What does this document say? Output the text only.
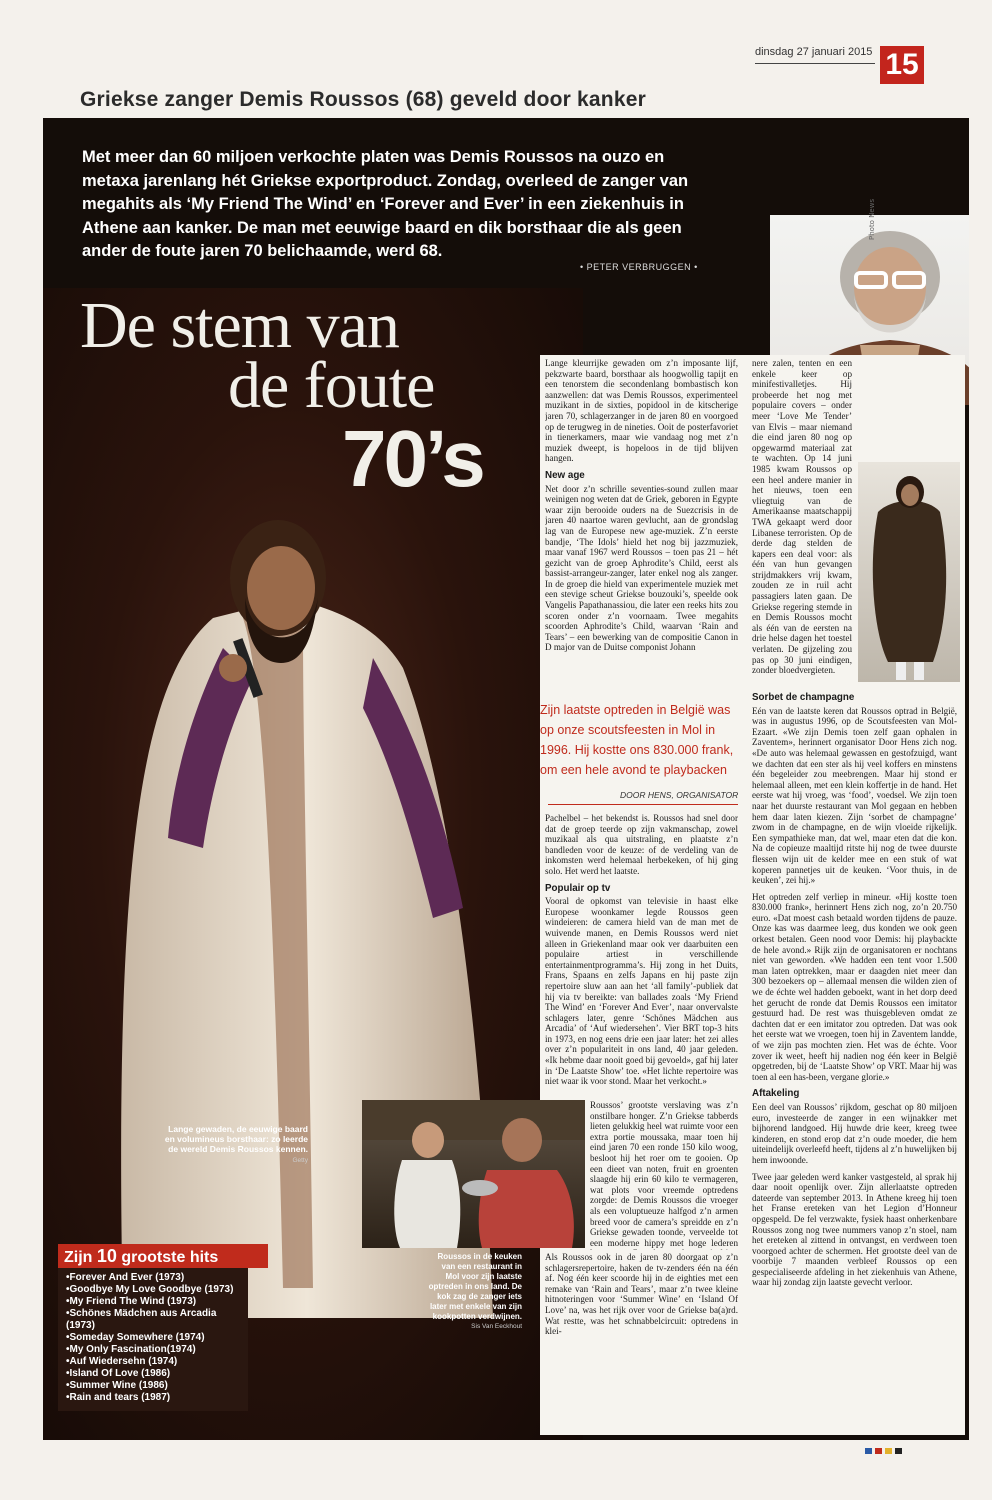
dinsdag 27 januari 2015 15
Griekse zanger Demis Roussos (68) geveld door kanker
Met meer dan 60 miljoen verkochte platen was Demis Roussos na ouzo en metaxa jarenlang hét Griekse exportproduct. Zondag, overleed de zanger van megahits als ‘My Friend The Wind’ en ‘Forever and Ever’ in een ziekenhuis in Athene aan kanker. De man met eeuwige baard en dik borsthaar die als geen ander de foute jaren 70 belichaamde, werd 68.
• PETER VERBRUGGEN •
Photo News
De stem van
de foute
70’s

Lange kleurrijke gewaden om z’n imposante lijf, pekzwarte baard, borsthaar als hoogwollig tapijt en een tenorstem die secondenlang bombastisch kon aanzwellen: dat was Demis Roussos, experimenteel muzikant in de sixties, popidool in de kitscherige jaren 70, schlagerzanger in de jaren 80 en voorgoed op de terugweg in de nineties. Ooit de posterfavoriet in tienerkamers, maar wie vandaag nog met z’n muziek dweept, is hopeloos in de tijd blijven hangen.

New age

Net door z’n schrille seventies-sound zullen maar weinigen nog weten dat de Griek, geboren in Egypte waar zijn berooide ouders na de Suezcrisis in de jaren 40 naartoe waren gevlucht, aan de grondslag lag van de Europese new age-muziek. Z’n eerste bandje, ‘The Idols’ hield het nog bij jazzmuziek, maar vanaf 1967 werd Roussos – toen pas 21 – hét gezicht van de groep Aphrodite’s Child, eerst als bassist-arrangeur-zanger, later enkel nog als zanger. In de groep die hield van experimentele muziek met een stevige scheut Griekse bouzouki’s, speelde ook Vangelis Papathanassiou, die later een reeks hits zou scoren onder z’n voornaam. Twee megahits scoorden Aphrodite’s Child, waarvan ‘Rain and Tears’ – een bewerking van de compositie Canon in D major van de Duitse componist Johann

Zijn laatste optreden in België was op onze scoutsfeesten in Mol in 1996. Hij kostte ons 830.000 frank, om een hele avond te playbacken
DOOR HENS, ORGANISATOR

Pachelbel – het bekendst is. Roussos had snel door dat de groep teerde op zijn vakmanschap, zowel muzikaal als qua uitstraling, en plaatste z’n bandleden voor de keuze: of de verdeling van de inkomsten werd helemaal herbekeken, of hij ging solo. Het werd het laatste.

Populair op tv

Vooral de opkomst van televisie in haast elke Europese woonkamer legde Roussos geen windeieren: de camera hield van de man met de wuivende manen, en Demis Roussos werd niet alleen in Griekenland maar ook ver daarbuiten een populaire artiest in verschillende entertainmentprogramma’s. Hij zong in het Duits, Frans, Spaans en zelfs Japans en hij paste zijn repertoire sluw aan aan het ‘all family’-publiek dat hij via tv bereikte: van ballades zoals ‘My Friend The Wind’ en ‘Forever And Ever’, naar onvervalste schlagers later, genre ‘Schönes Mädchen aus Arcadia’ of ‘Auf wiedersehen’. Vier BRT top-3 hits in 1973, en nog eens drie een jaar later: het zei alles over z’n populariteit in ons land, 40 jaar geleden. «Ik hebme daar nooit goed bij gevoeld», gaf hij later in ‘De Laatste Show’ toe. «Het lichte repertoire was niet waar ik voor stond. Maar het verkocht.»

Roussos’ grootste verslaving was z’n onstilbare honger. Z’n Griekse tabberds lieten gelukkig heel wat ruimte voor een extra portie moussaka, maar toen hij eind jaren 70 een ronde 150 kilo woog, besloot hij het roer om te gooien. Op een dieet van noten, fruit en groenten slaagde hij erin 60 kilo te vermageren, wat plots voor vreemde optredens zorgde: de Demis Roussos die vroeger als een voluptueuze halfgod z’n armen breed voor de camera’s spreidde en z’n Griekse gewaden toonde, verveelde tot een moderne hippy met hoge lederen

Als Roussos ook in de jaren 80 doorgaat op z’n schlagersrepertoire, haken de tv-zenders één na één af. Nog één keer scoorde hij in de eighties met een remake van ‘Rain and Tears’, maar z’n twee kleine hitnoteringen voor ‘Summer Wine’ en ‘Island Of Love’ na, was het rijk over voor de Griekse ba(a)rd. Wat restte, was het schnabbelcircuit: optredens in klei-

nere zalen, tenten en een enkele keer op minifestivalletjes. Hij probeerde het nog met populaire covers – onder meer ‘Love Me Tender’ van Elvis – maar niemand die eind jaren 80 nog op opgewarmd materiaal zat te wachten. Op 14 juni 1985 kwam Roussos op een heel andere manier in het nieuws, toen een vliegtuig van de Amerikaanse maatschappij TWA gekaapt werd door Libanese terroristen. Op de derde dag stelden de kapers een deal voor: als één van hun gevangen strijdmakkers vrij kwam, zouden ze in ruil acht passagiers laten gaan. De Griekse regering stemde in en Demis Roussos mocht als één van de eersten na drie helse dagen het toestel verlaten. De gijzeling zou pas op 30 juni eindigen, zonder bloedvergieten.

Sorbet de champagne

Eén van de laatste keren dat Roussos optrad in België, was in augustus 1996, op de Scoutsfeesten van Mol-Ezaart. «We zijn Demis toen zelf gaan ophalen in Zaventem», herinnert organisator Door Hens zich nog. «De auto was helemaal gewassen en gestofzuigd, want we dachten dat een ster als hij veel koffers en minstens één begeleider zou meebrengen. Maar hij stond er helemaal alleen, met een klein koffertje in de hand. Het eerste wat hij vroeg, was ‘food’, voedsel. We zijn toen naar het duurste restaurant van Mol gegaan en hebben hem daar laten kiezen. Zijn ‘sorbet de champagne’ zwom in de champagne, en de wijn vloeide rijkelijk. Een sympathieke man, dat wel, maar eten dat die kon. Na de copieuze maaltijd ritste hij nog de twee duurste flessen wijn uit de kelder mee en een stuk of wat koperen pannetjes uit de keuken. ‘Voor thuis, in de keuken’, zei hij.»

Het optreden zelf verliep in mineur. «Hij kostte toen 830.000 frank», herinnert Hens zich nog, zo’n 20.750 euro. «Dat moest cash betaald worden tijdens de pauze. Onze kas was daarmee leeg, dus konden we ook geen orkest betalen. Geen nood voor Demis: hij playbackte de hele avond.» Rijk zijn de organisatoren er nochtans niet van geworden. «We hadden een tent voor 1.500 man laten optrekken, maar er daagden niet meer dan 300 bezoekers op – allemaal mensen die wilden zien of we de échte wel hadden geboekt, want in het dorp deed het gerucht de ronde dat Demis Roussos een imitator gestuurd had. De rest was thuisgebleven omdat ze dachten dat er een imitator zou optreden. Dat was ook het eerste wat we vroegen, toen hij in Zaventem landde, of we zijn pas mochten zien. Het was de échte. Voor zover ik weet, heeft hij nadien nog één keer in België opgetreden, bij de ‘Laatste Show’ op VRT. Maar hij was toen al een has-been, vergane glorie.»

Aftakeling

Een deel van Roussos’ rijkdom, geschat op 80 miljoen euro, investeerde de zanger in een wijnakker met bijhorend landgoed. Hij huwde drie keer, kreeg twee kinderen, en stond erop dat z’n oude moeder, die hem uiteindelijk overleefd heeft, tijdens al z’n huwelijken bij hem inwoonde.

Twee jaar geleden werd kanker vastgesteld, al sprak hij daar nooit openlijk over. Zijn allerlaatste optreden dateerde van september 2013. In Athene kreeg hij toen het Franse ereteken van het Legion d’Honneur opgespeld. De fel verzwakte, fysiek haast onherkenbare Roussos zong nog twee nummers vanop z’n stoel, nam het ereteken al zittend in ontvangst, en verdween toen voorgoed achter de schermen. Het grootste deel van de voorbije 7 maanden verbleef Roussos op een gespecialiseerde afdeling in het ziekenhuis van Athene, waar hij zondag zijn laatste gevecht verloor.

Lange gewaden, de eeuwige baard en volumineus borsthaar: zo leerde de wereld Demis Roussos kennen. Getty
Roussos in de keuken van een restaurant in Mol voor zijn laatste optreden in ons land. De kok zag de zanger iets later met enkele van zijn kookpotten verdwijnen.
Sis Van Eeckhout
Zijn 10 grootste hits
•Forever And Ever (1973)
•Goodbye My Love Goodbye (1973)
•My Friend The Wind (1973)
•Schönes Mädchen aus Arcadia (1973)
•Someday Somewhere (1974)
•My Only Fascination(1974)
•Auf Wiedersehn (1974)
•Island Of Love (1986)
•Summer Wine (1986)
•Rain and tears (1987)
